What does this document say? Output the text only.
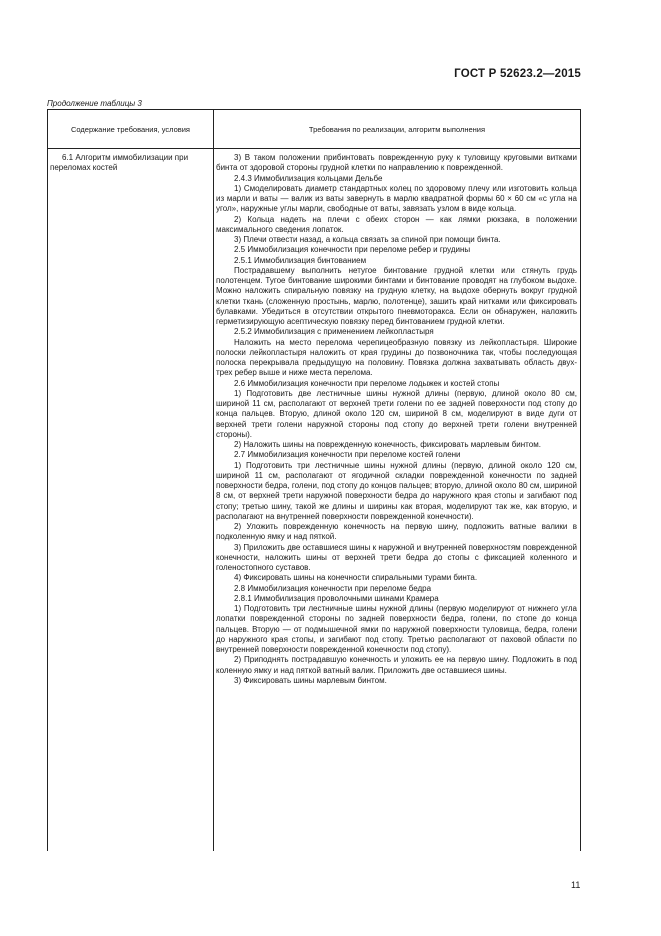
ГОСТ Р 52623.2—2015
Продолжение таблицы 3
Содержание требования, условия	Требования по реализации, алгоритм выполнения
6.1 Алгоритм иммобилизации при переломах костей

3) В таком положении прибинтовать поврежденную руку к туловищу круговыми витками бинта от здоровой стороны грудной клетки по направлению к поврежденной.

2.4.3 Иммобилизация кольцами Дельбе

1) Смоделировать диаметр стандартных колец по здоровому плечу или изготовить кольца из марли и ваты — валик из ваты завернуть в марлю квадратной формы 60 × 60 см «с угла на угол», наружные углы марли, свободные от ваты, завязать узлом в виде кольца.

2) Кольца надеть на плечи с обеих сторон — как лямки рюкзака, в положении максимального сведения лопаток.

3) Плечи отвести назад, а кольца связать за спиной при помощи бинта.

2.5 Иммобилизация конечности при переломе ребер и грудины

2.5.1 Иммобилизация бинтованием

Пострадавшему выполнить нетугое бинтование грудной клетки или стянуть грудь полотенцем. Тугое бинтование широкими бинтами и бинтование проводят на глубоком выдохе. Можно наложить спиральную повязку на грудную клетку, на выдохе обернуть вокруг грудной клетки ткань (сложенную простынь, марлю, полотенце), зашить край нитками или фиксировать булавками. Убедиться в отсутствии открытого пневмоторакса. Если он обнаружен, наложить герметизирующую асептическую повязку перед бинтованием грудной клетки.

2.5.2 Иммобилизация с применением лейкопластыря

Наложить на место перелома черепицеобразную повязку из лейкопластыря. Широкие полоски лейкопластыря наложить от края грудины до позвоночника так, чтобы последующая полоска перекрывала предыдущую на половину. Повязка должна захватывать область двух-трех ребер выше и ниже места перелома.

2.6 Иммобилизация конечности при переломе лодыжек и костей стопы

1) Подготовить две лестничные шины нужной длины (первую, длиной около 80 см, шириной 11 см, располагают от верхней трети голени по ее задней поверхности под стопу до конца пальцев. Вторую, длиной около 120 см, шириной 8 см, моделируют в виде дуги от верхней трети голени наружной стороны под стопу до верхней трети голени внутренней стороны).

2) Наложить шины на поврежденную конечность, фиксировать марлевым бинтом.

2.7 Иммобилизация конечности при переломе костей голени

1) Подготовить три лестничные шины нужной длины (первую, длиной около 120 см, шириной 11 см, располагают от ягодичной складки поврежденной конечности по задней поверхности бедра, голени, под стопу до концов пальцев; вторую, длиной около 80 см, шириной 8 см, от верхней трети наружной поверхности бедра до наружного края стопы и загибают под стопу; третью шину, такой же длины и ширины как вторая, моделируют так же, как вторую, и располагают на внутренней поверхности поврежденной конечности).

2) Уложить поврежденную конечность на первую шину, подложить ватные валики в подколенную ямку и над пяткой.

3) Приложить две оставшиеся шины к наружной и внутренней поверхностям поврежденной конечности, наложить шины от верхней трети бедра до стопы с фиксацией коленного и голеностопного суставов.

4) Фиксировать шины на конечности спиральными турами бинта.

2.8 Иммобилизация конечности при переломе бедра

2.8.1 Иммобилизация проволочными шинами Крамера

1) Подготовить три лестничные шины нужной длины (первую моделируют от нижнего угла лопатки поврежденной стороны по задней поверхности бедра, голени, по стопе до конца пальцев. Вторую — от подмышечной ямки по наружной поверхности туловища, бедра, голени до наружного края стопы, и загибают под стопу. Третью располагают от паховой области по внутренней поверхности поврежденной конечности под стопу).

2) Приподнять пострадавшую конечность и уложить ее на первую шину. Подложить в под коленную ямку и над пяткой ватный валик. Приложить две оставшиеся шины.

3) Фиксировать шины марлевым бинтом.

11
